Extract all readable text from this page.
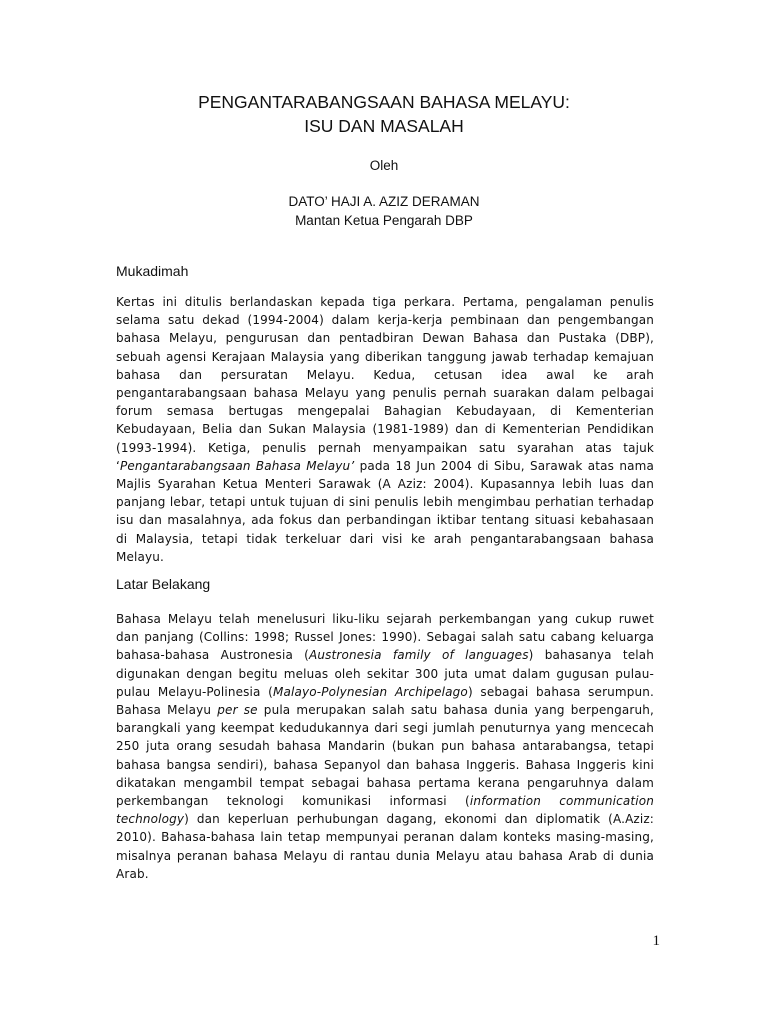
PENGANTARABANGSAAN BAHASA MELAYU:
ISU DAN MASALAH
Oleh
DATO’ HAJI A. AZIZ DERAMAN
Mantan Ketua Pengarah DBP
Mukadimah
Kertas ini ditulis berlandaskan kepada tiga perkara. Pertama, pengalaman penulis selama satu dekad (1994-2004) dalam kerja-kerja pembinaan dan pengembangan bahasa Melayu, pengurusan dan pentadbiran Dewan Bahasa dan Pustaka (DBP), sebuah agensi Kerajaan Malaysia yang diberikan tanggung jawab terhadap kemajuan bahasa dan persuratan Melayu. Kedua, cetusan idea awal ke arah pengantarabangsaan bahasa Melayu yang penulis pernah suarakan dalam pelbagai forum semasa bertugas mengepalai Bahagian Kebudayaan, di Kementerian Kebudayaan, Belia dan Sukan Malaysia (1981-1989) dan di Kementerian Pendidikan (1993-1994). Ketiga, penulis pernah menyampaikan satu syarahan atas tajuk ‘Pengantarabangsaan Bahasa Melayu’ pada 18 Jun 2004 di Sibu, Sarawak atas nama Majlis Syarahan Ketua Menteri Sarawak (A Aziz: 2004). Kupasannya lebih luas dan panjang lebar, tetapi untuk tujuan di sini penulis lebih mengimbau perhatian terhadap isu dan masalahnya, ada fokus dan perbandingan iktibar tentang situasi kebahasaan di Malaysia, tetapi tidak terkeluar dari visi ke arah pengantarabangsaan bahasa Melayu.
Latar Belakang
Bahasa Melayu telah menelusuri liku-liku sejarah perkembangan yang cukup ruwet dan panjang (Collins: 1998; Russel Jones: 1990). Sebagai salah satu cabang keluarga bahasa-bahasa Austronesia (Austronesia family of languages) bahasanya telah digunakan dengan begitu meluas oleh sekitar 300 juta umat dalam gugusan pulau-pulau Melayu-Polinesia (Malayo-Polynesian Archipelago) sebagai bahasa serumpun. Bahasa Melayu per se pula merupakan salah satu bahasa dunia yang berpengaruh, barangkali yang keempat kedudukannya dari segi jumlah penuturnya yang mencecah 250 juta orang sesudah bahasa Mandarin (bukan pun bahasa antarabangsa, tetapi bahasa bangsa sendiri), bahasa Sepanyol dan bahasa Inggeris. Bahasa Inggeris kini dikatakan mengambil tempat sebagai bahasa pertama kerana pengaruhnya dalam perkembangan teknologi komunikasi informasi (information communication technology) dan keperluan perhubungan dagang, ekonomi dan diplomatik (A.Aziz: 2010). Bahasa-bahasa lain tetap mempunyai peranan dalam konteks masing-masing, misalnya peranan bahasa Melayu di rantau dunia Melayu atau bahasa Arab di dunia Arab.
1
